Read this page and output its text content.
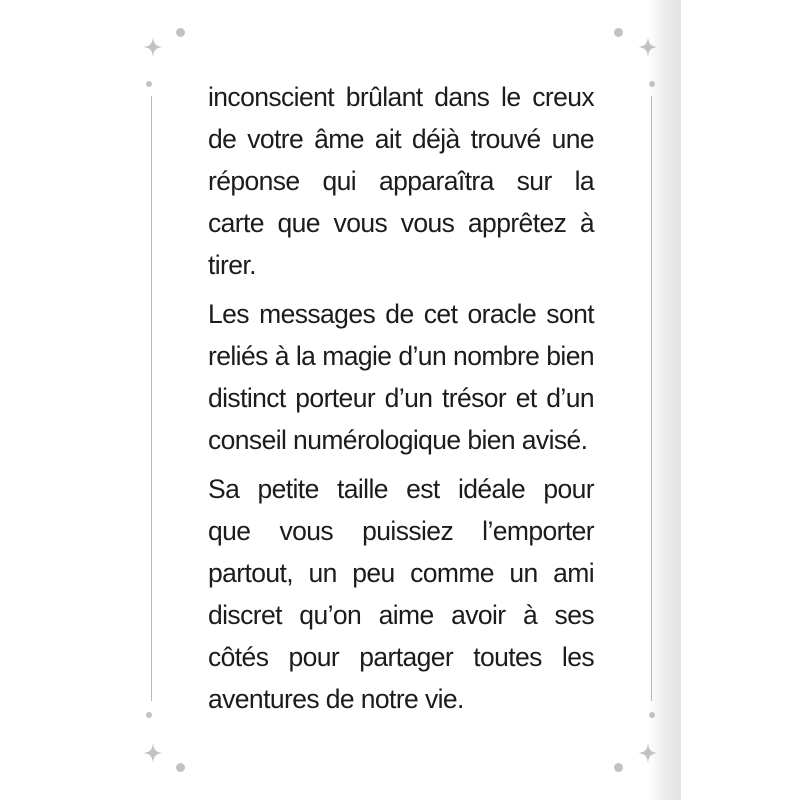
inconscient brûlant dans le creux
de votre âme ait déjà trouvé une
réponse qui apparaîtra sur la
carte que vous vous apprêtez à
tirer.
Les messages de cet oracle sont
reliés à la magie d’un nombre bien
distinct porteur d’un trésor et d’un
conseil numérologique bien avisé.
Sa petite taille est idéale pour
que vous puissiez l’emporter
partout, un peu comme un ami
discret qu’on aime avoir à ses
côtés pour partager toutes les
aventures de notre vie.
